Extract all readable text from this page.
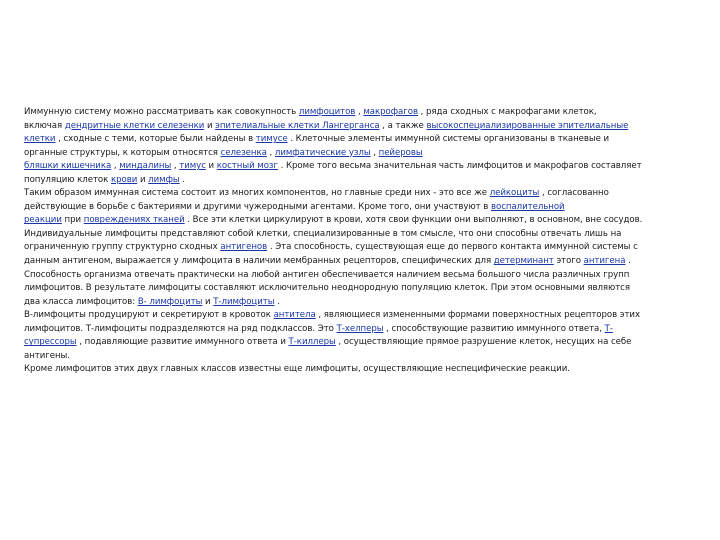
Иммунную систему можно рассматривать как совокупность лимфоцитов , макрофагов , ряда сходных с макрофагами клеток,
включая дендритные клетки селезенки и эпителиальные клетки Лангерганса , а также высокоспециализированные эпителиальные
клетки , сходные с теми, которые были найдены в тимусе . Клеточные элементы иммунной системы организованы в тканевые и
органные структуры, к которым относятся селезенка , лимфатические узлы , пейеровы
бляшки кишечника , миндалины , тимус и костный мозг . Кроме того весьма значительная часть лимфоцитов и макрофагов составляет
популяцию клеток крови и лимфы .
Таким образом иммунная система состоит из многих компонентов, но главные среди них - это все же лейкоциты , согласованно
действующие в борьбе с бактериями и другими чужеродными агентами. Кроме того, они участвуют в воспалительной
реакции при повреждениях тканей . Все эти клетки циркулируют в крови, хотя свои функции они выполняют, в основном, вне сосудов.
Индивидуальные лимфоциты представляют собой клетки, специализированные в том смысле, что они способны отвечать лишь на
ограниченную группу структурно сходных антигенов . Эта способность, существующая еще до первого контакта иммунной системы с
данным антигеном, выражается у лимфоцита в наличии мембранных рецепторов, специфических для детерминант этого антигена .
Способность организма отвечать практически на любой антиген обеспечивается наличием весьма большого числа различных групп
лимфоцитов. В результате лимфоциты составляют исключительно неоднородную популяцию клеток. При этом основными являются
два класса лимфоцитов: В- лимфоциты и Т-лимфоциты .
В-лимфоциты продуцируют и секретируют в кровоток антитела , являющиеся измененными формами поверхностных рецепторов этих
лимфоцитов. Т-лимфоциты подразделяются на ряд подклассов. Это Т-хелперы , способствующие развитию иммунного ответа, Т-
супрессоры , подавляющие развитие иммунного ответа и Т-киллеры , осуществляющие прямое разрушение клеток, несущих на себе
антигены.
Кроме лимфоцитов этих двух главных классов известны еще лимфоциты, осуществляющие неспецифические реакции.
